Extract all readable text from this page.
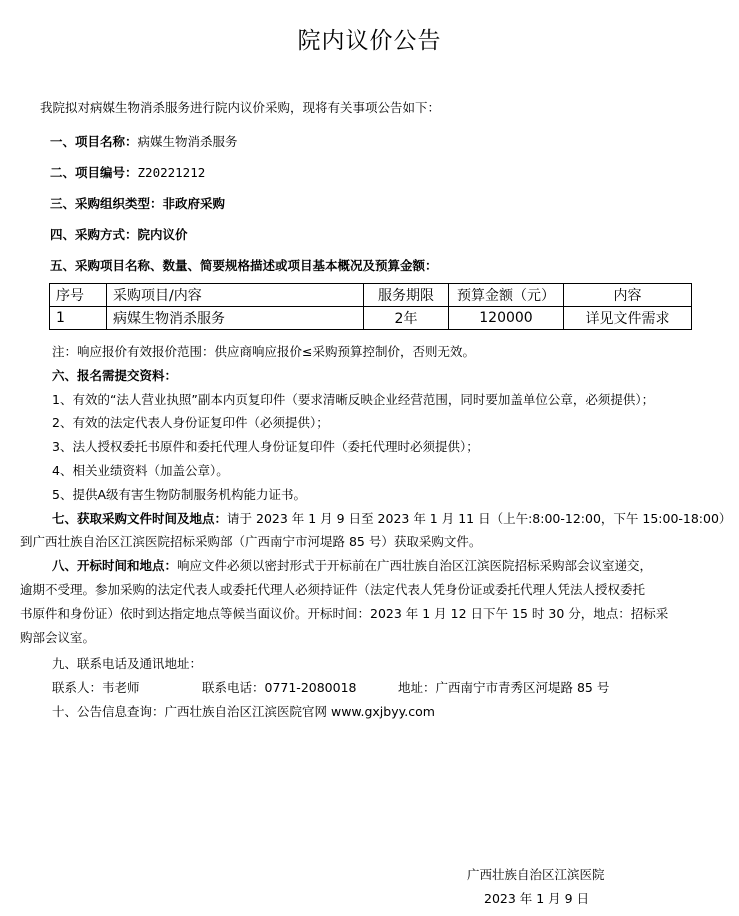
院内议价公告
我院拟对病媒生物消杀服务进行院内议价采购，现将有关事项公告如下：
一、项目名称：病媒生物消杀服务
二、项目编号：Z20221212
三、采购组织类型：非政府采购
四、采购方式：院内议价
五、采购项目名称、数量、简要规格描述或项目基本概况及预算金额：
序号	采购项目/内容	服务期限	预算金额（元）	内容
1	病媒生物消杀服务	2年	120000	详见文件需求
注：响应报价有效报价范围：供应商响应报价≤采购预算控制价，否则无效。
六、报名需提交资料：
1、有效的“法人营业执照”副本内页复印件（要求清晰反映企业经营范围，同时要加盖单位公章，必须提供）；
2、有效的法定代表人身份证复印件（必须提供）；
3、法人授权委托书原件和委托代理人身份证复印件（委托代理时必须提供）；
4、相关业绩资料（加盖公章）。
5、提供A级有害生物防制服务机构能力证书。
七、获取采购文件时间及地点：请于 2023 年 1 月 9 日至 2023 年 1 月 11 日（上午:8:00-12:00，下午 15:00-18:00）
到广西壮族自治区江滨医院招标采购部（广西南宁市河堤路 85 号）获取采购文件。
八、开标时间和地点：响应文件必须以密封形式于开标前在广西壮族自治区江滨医院招标采购部会议室递交，
逾期不受理。参加采购的法定代表人或委托代理人必须持证件（法定代表人凭身份证或委托代理人凭法人授权委托
书原件和身份证）依时到达指定地点等候当面议价。开标时间：2023 年 1 月 12 日下午 15 时 30 分，地点：招标采
购部会议室。
九、联系电话及通讯地址：
联系人：韦老师	联系电话：0771-2080018	地址：广西南宁市青秀区河堤路 85 号
十、公告信息查询：广西壮族自治区江滨医院官网 www.gxjbyy.com
广西壮族自治区江滨医院
2023 年 1 月 9 日
